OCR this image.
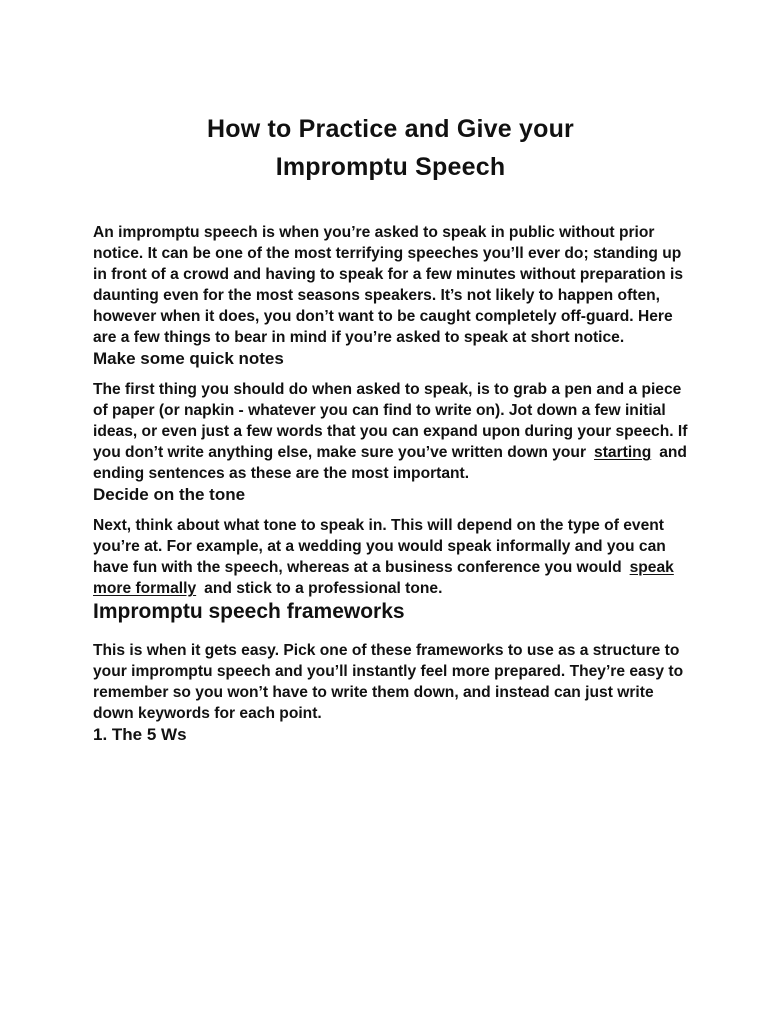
How to Practice and Give your
Impromptu Speech

An impromptu speech is when you’re asked to speak in public without prior notice. It can be one of the most terrifying speeches you’ll ever do; standing up in front of a crowd and having to speak for a few minutes without preparation is daunting even for the most seasons speakers. It’s not likely to happen often, however when it does, you don’t want to be caught completely off-guard. Here are a few things to bear in mind if you’re asked to speak at short notice.

Make some quick notes

The first thing you should do when asked to speak, is to grab a pen and a piece of paper (or napkin - whatever you can find to write on). Jot down a few initial ideas, or even just a few words that you can expand upon during your speech. If you don’t write anything else, make sure you’ve written down your starting and ending sentences as these are the most important.

Decide on the tone

Next, think about what tone to speak in. This will depend on the type of event you’re at. For example, at a wedding you would speak informally and you can have fun with the speech, whereas at a business conference you would speak more formally and stick to a professional tone.

Impromptu speech frameworks

This is when it gets easy. Pick one of these frameworks to use as a structure to your impromptu speech and you’ll instantly feel more prepared. They’re easy to remember so you won’t have to write them down, and instead can just write down keywords for each point.

1. The 5 Ws
